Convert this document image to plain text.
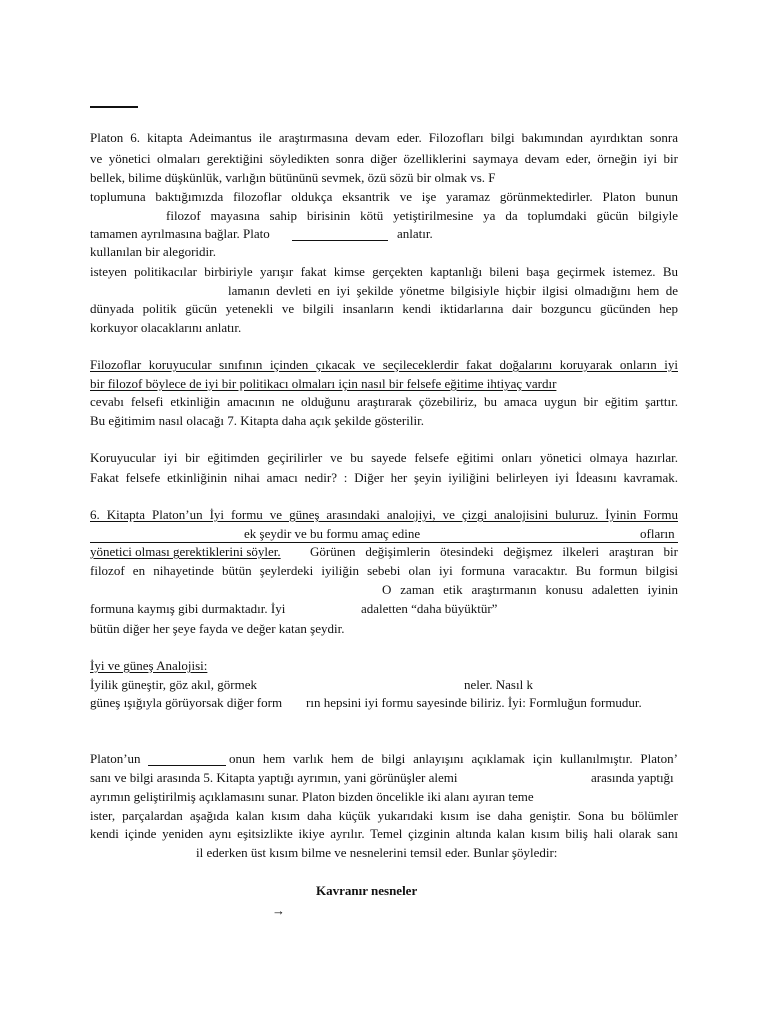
Platon 6. kitapta Adeimantus ile araştırmasına devam eder. Filozofları bilgi bakımından ayırdıktan sonra
ve yönetici olmaları gerektiğini söyledikten sonra diğer özelliklerini saymaya devam eder, örneğin iyi bir
bellek, bilime düşkünlük, varlığın bütününü sevmek, özü sözü bir olmak vs. F
toplumuna baktığımızda filozoflar oldukça eksantrik ve işe yaramaz görünmektedirler. Platon bunun
filozof mayasına sahip birisinin kötü yetiştirilmesine ya da toplumdaki gücün bilgiyle
tamamen ayrılmasına bağlar. Plato	anlatır.
kullanılan bir alegoridir.
isteyen politikacılar birbiriyle yarışır fakat kimse gerçekten kaptanlığı bileni başa geçirmek istemez. Bu
lamanın devleti en iyi şekilde yönetme bilgisiyle hiçbir ilgisi olmadığını hem de
dünyada politik gücün yetenekli ve bilgili insanların kendi iktidarlarına dair bozguncu gücünden hep
korkuyor olacaklarını anlatır.
Filozoflar koruyucular sınıfının içinden çıkacak ve seçileceklerdir fakat doğalarını koruyarak onların iyi
bir filozof böylece de iyi bir politikacı olmaları için nasıl bir felsefe eğitime ihtiyaç vardır
cevabı felsefi etkinliğin amacının ne olduğunu araştırarak çözebiliriz, bu amaca uygun bir eğitim şarttır.
Bu eğitimim nasıl olacağı 7. Kitapta daha açık şekilde gösterilir.
Koruyucular iyi bir eğitimden geçirilirler ve bu sayede felsefe eğitimi onları yönetici olmaya hazırlar.
Fakat felsefe etkinliğinin nihai amacı nedir? : Diğer her şeyin iyiliğini belirleyen iyi İdeasını kavramak.
6. Kitapta Platon’un İyi formu ve güneş arasındaki analojiyi, ve çizgi analojisini buluruz. İyinin Formu
ek şeydir ve bu formu amaç edine	ofların
yönetici olması gerektiklerini söyler. Görünen değişimlerin ötesindeki değişmez ilkeleri araştıran bir
filozof en nihayetinde bütün şeylerdeki iyiliğin sebebi olan iyi formuna varacaktır. Bu formun bilgisi
O zaman etik araştırmanın konusu adaletten iyinin
formuna kaymış gibi durmaktadır. İyi	adaletten “daha büyüktür”
bütün diğer her şeye fayda ve değer katan şeydir.
İyi ve güneş Analojisi:
İyilik güneştir, göz akıl, görmek	neler. Nasıl k
güneş ışığıyla görüyorsak diğer form rın hepsini iyi formu sayesinde biliriz. İyi: Formluğun formudur.
Platon’un	onun hem varlık hem de bilgi anlayışını açıklamak için kullanılmıştır. Platon’
sanı ve bilgi arasında 5. Kitapta yaptığı ayrımın, yani görünüşler alemi	arasında yaptığı
ayrımın geliştirilmiş açıklamasını sunar. Platon bizden öncelikle iki alanı ayıran teme
ister, parçalardan aşağıda kalan kısım daha küçük yukarıdaki kısım ise daha geniştir. Sona bu bölümler
kendi içinde yeniden aynı eşitsizlikte ikiye ayrılır. Temel çizginin altında kalan kısım biliş hali olarak sanı
il ederken üst kısım bilme ve nesnelerini temsil eder. Bunlar şöyledir:
Kavranır nesneler
→
